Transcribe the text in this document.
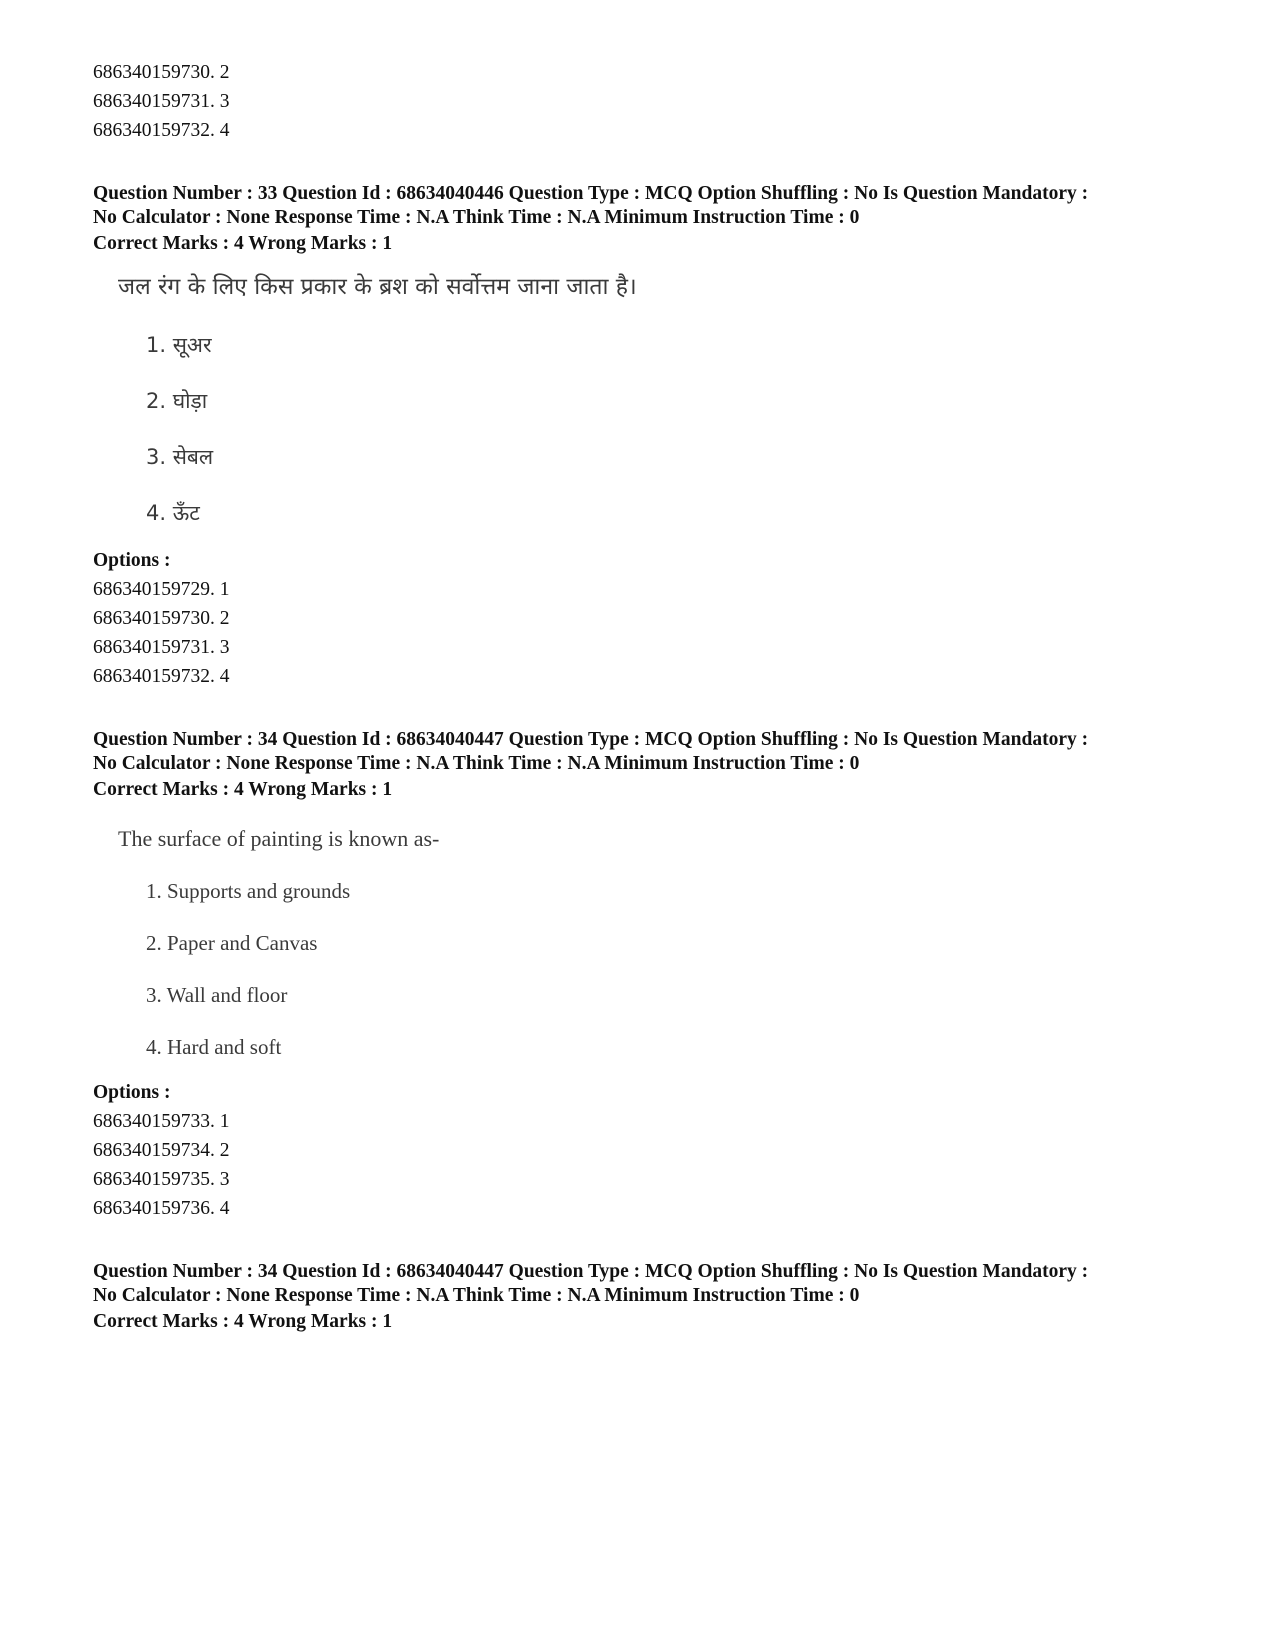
686340159730. 2

686340159731. 3

686340159732. 4

Question Number : 33 Question Id : 68634040446 Question Type : MCQ Option Shuffling : No Is Question Mandatory :

No Calculator : None Response Time : N.A Think Time : N.A Minimum Instruction Time : 0

Correct Marks : 4 Wrong Marks : 1

जल रंग के लिए किस प्रकार के ब्रश को सर्वोत्तम जाना जाता है।

1. सूअर

2. घोड़ा

3. सेबल

4. ऊँट

Options :

686340159729. 1

686340159730. 2

686340159731. 3

686340159732. 4

Question Number : 34 Question Id : 68634040447 Question Type : MCQ Option Shuffling : No Is Question Mandatory :

No Calculator : None Response Time : N.A Think Time : N.A Minimum Instruction Time : 0

Correct Marks : 4 Wrong Marks : 1

The surface of painting is known as-

1. Supports and grounds

2. Paper and Canvas

3. Wall and floor

4. Hard and soft

Options :

686340159733. 1

686340159734. 2

686340159735. 3

686340159736. 4

Question Number : 34 Question Id : 68634040447 Question Type : MCQ Option Shuffling : No Is Question Mandatory :

No Calculator : None Response Time : N.A Think Time : N.A Minimum Instruction Time : 0

Correct Marks : 4 Wrong Marks : 1
